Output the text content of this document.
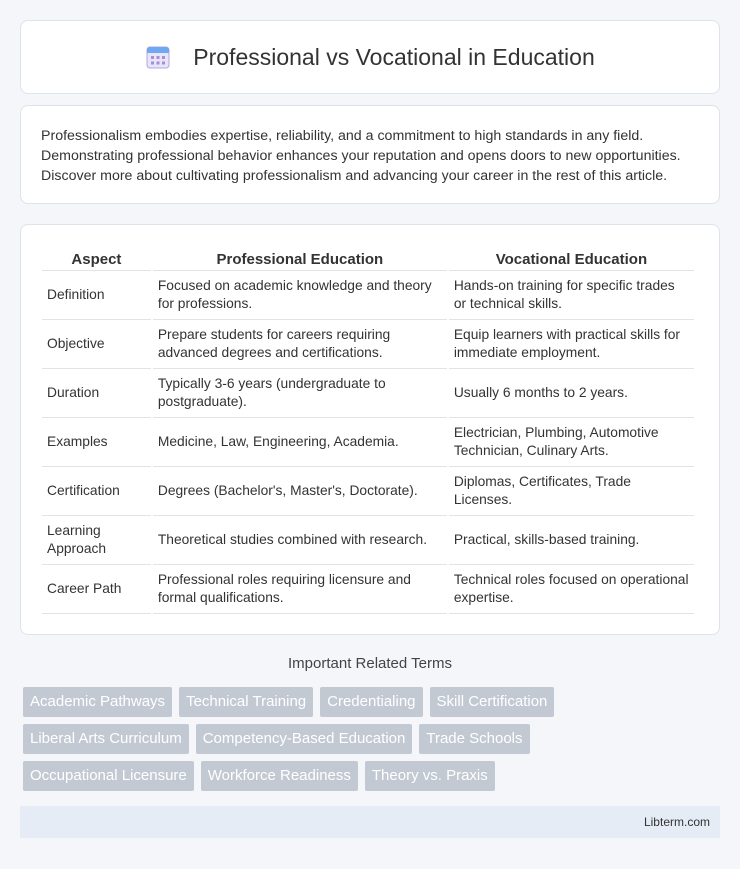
Professional vs Vocational in Education

Professionalism embodies expertise, reliability, and a commitment to high standards in any field. Demonstrating professional behavior enhances your reputation and opens doors to new opportunities. Discover more about cultivating professionalism and advancing your career in the rest of this article.

Aspect	Professional Education	Vocational Education
Definition	Focused on academic knowledge and theory for professions.	Hands-on training for specific trades or technical skills.
Objective	Prepare students for careers requiring advanced degrees and certifications.	Equip learners with practical skills for immediate employment.
Duration	Typically 3-6 years (undergraduate to postgraduate).	Usually 6 months to 2 years.
Examples	Medicine, Law, Engineering, Academia.	Electrician, Plumbing, Automotive Technician, Culinary Arts.
Certification	Degrees (Bachelor's, Master's, Doctorate).	Diplomas, Certificates, Trade Licenses.
Learning Approach	Theoretical studies combined with research.	Practical, skills-based training.
Career Path	Professional roles requiring licensure and formal qualifications.	Technical roles focused on operational expertise.
Important Related Terms
Academic Pathways	Technical Training	Credentialing	Skill Certification
Liberal Arts Curriculum	Competency-Based Education	Trade Schools
Occupational Licensure	Workforce Readiness	Theory vs. Praxis
Libterm.com
